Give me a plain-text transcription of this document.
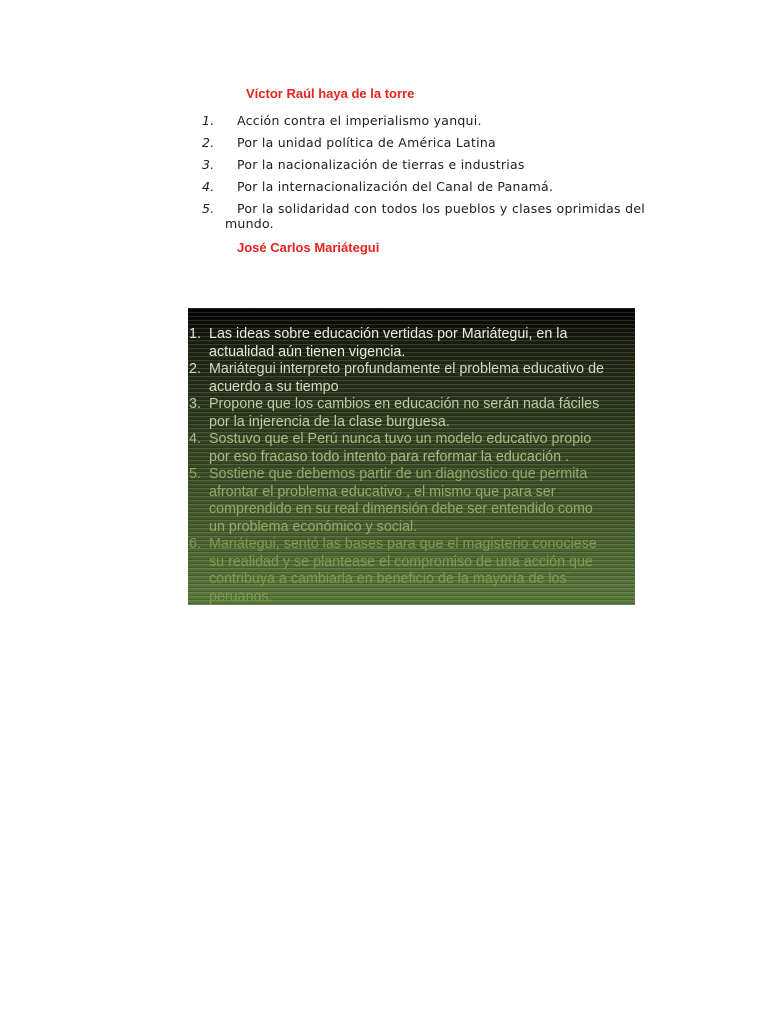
Víctor Raúl haya de la torre
1.	Acción contra el imperialismo yanqui.
2.	Por la unidad política de América Latina
3.	Por la nacionalización de tierras e industrias
4.	Por la internacionalización del Canal de Panamá.
5.	Por la solidaridad con todos los pueblos y clases oprimidas del mundo.
José Carlos Mariátegui
1. Las ideas sobre educación vertidas por Mariátegui, en la
actualidad aún tienen vigencia.
2. Mariátegui interpreto profundamente el problema educativo de
acuerdo a su tiempo
3. Propone que los cambios en educación no serán nada fáciles
por la injerencia de la clase burguesa.
4. Sostuvo que el Perú nunca tuvo un modelo educativo propio
por eso fracaso todo intento para reformar la educación .
5. Sostiene que debemos partir de un diagnostico que permita
afrontar el problema educativo , el mismo que para ser
comprendido en su real dimensión debe ser entendido como
un problema económico y social.
6. Mariátegui, sentó las bases para que el magisterio conociese
su realidad y se plantease el compromiso de una acción que
contribuya a cambiarla en beneficio de la mayoría de los
peruanos.
